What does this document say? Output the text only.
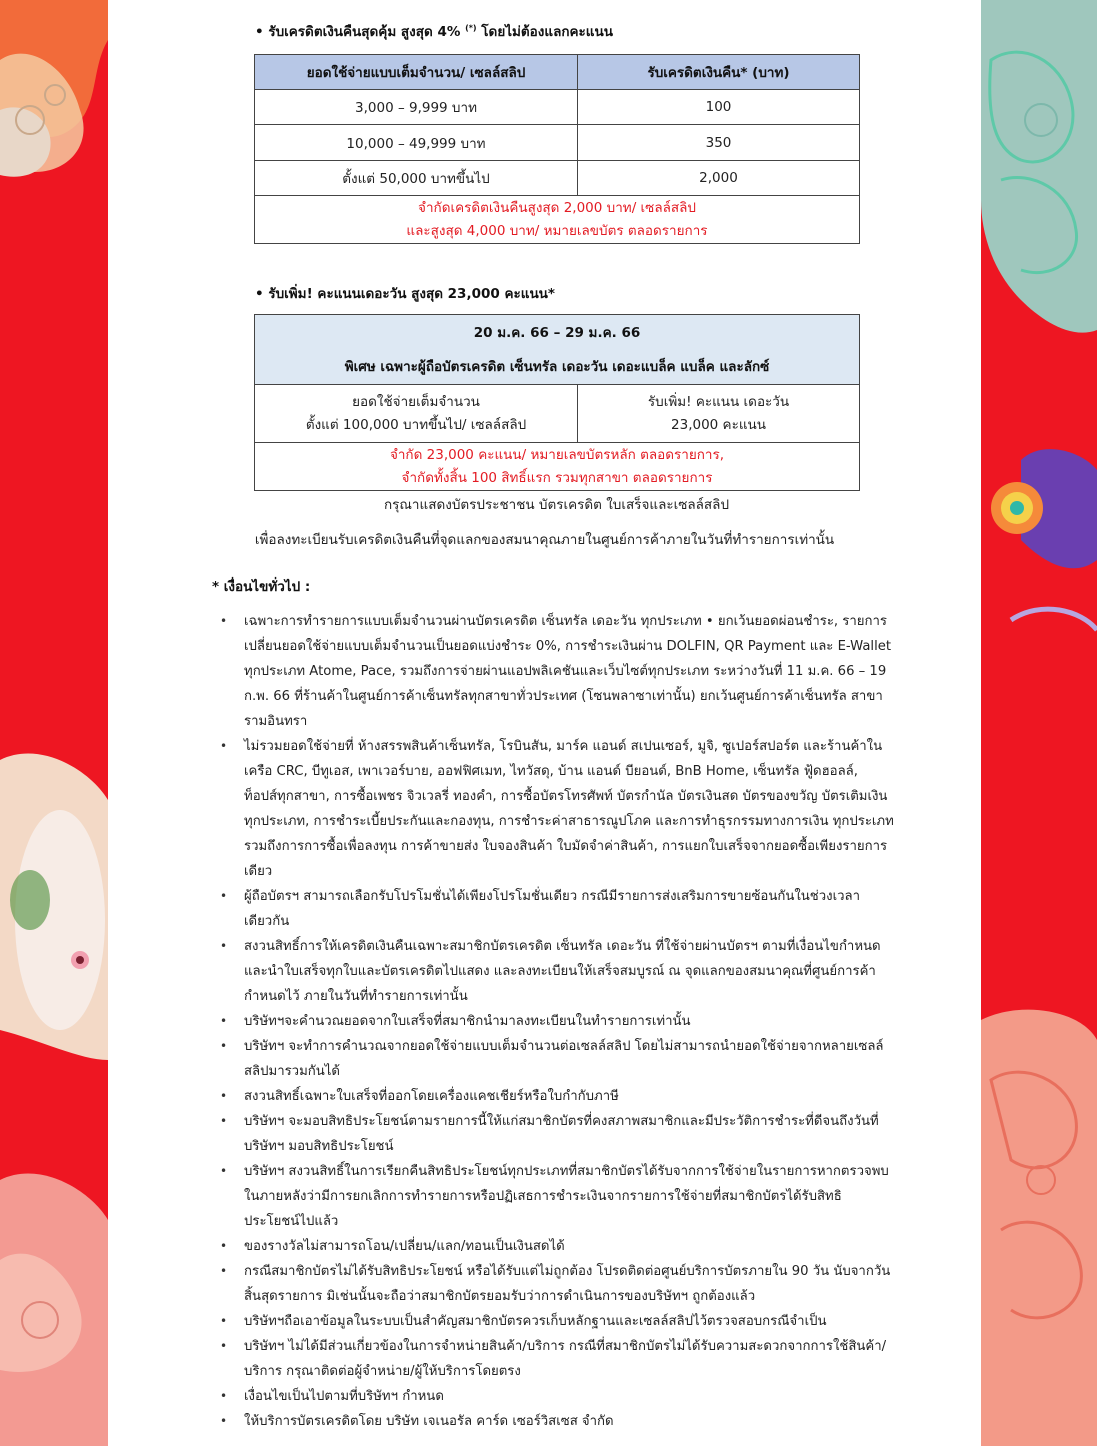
• รับเครดิตเงินคืนสุดคุ้ม สูงสุด 4% (*) โดยไม่ต้องแลกคะแนน
ยอดใช้จ่ายแบบเต็มจำนวน/ เซลล์สลิป	รับเครดิตเงินคืน* (บาท)
3,000 – 9,999 บาท	100
10,000 – 49,999 บาท	350
ตั้งแต่ 50,000 บาทขึ้นไป	2,000

จำกัดเครดิตเงินคืนสูงสุด 2,000 บาท/ เซลล์สลิป
และสูงสุด 4,000 บาท/ หมายเลขบัตร ตลอดรายการ	
• รับเพิ่ม! คะแนนเดอะวัน สูงสุด 23,000 คะแนน*
20 ม.ค. 66 – 29 ม.ค. 66
พิเศษ เฉพาะผู้ถือบัตรเครดิต เซ็นทรัล เดอะวัน เดอะแบล็ค แบล็ค และลักซ์

ยอดใช้จ่ายเต็มจำนวน
ตั้งแต่ 100,000 บาทขึ้นไป/ เซลล์สลิป

รับเพิ่ม! คะแนน เดอะวัน
23,000 คะแนน

จำกัด 23,000 คะแนน/ หมายเลขบัตรหลัก ตลอดรายการ,
จำกัดทั้งสิ้น 100 สิทธิ์แรก รวมทุกสาขา ตลอดรายการ
กรุณาแสดงบัตรประชาชน บัตรเครดิต ใบเสร็จและเซลล์สลิป
เพื่อลงทะเบียนรับเครดิตเงินคืนที่จุดแลกของสมนาคุณภายในศูนย์การค้าภายในวันที่ทำรายการเท่านั้น
* เงื่อนไขทั่วไป :
• เฉพาะการทำรายการแบบเต็มจำนวนผ่านบัตรเครดิต เซ็นทรัล เดอะวัน ทุกประเภท • ยกเว้นยอดผ่อนชำระ, รายการเปลี่ยนยอดใช้จ่ายแบบเต็มจำนวนเป็นยอดแบ่งชำระ 0%, การชำระเงินผ่าน DOLFIN, QR Payment และ E-Wallet ทุกประเภท Atome, Pace, รวมถึงการจ่ายผ่านแอปพลิเคชันและเว็บไซต์ทุกประเภท ระหว่างวันที่ 11 ม.ค. 66 – 19 ก.พ. 66 ที่ร้านค้าในศูนย์การค้าเซ็นทรัลทุกสาขาทั่วประเทศ (โซนพลาซาเท่านั้น) ยกเว้นศูนย์การค้าเซ็นทรัล สาขารามอินทรา
• ไม่รวมยอดใช้จ่ายที่ ห้างสรรพสินค้าเซ็นทรัล, โรบินสัน, มาร์ค แอนด์ สเปนเซอร์, มูจิ, ซูเปอร์สปอร์ต และร้านค้าในเครือ CRC, บีทูเอส, เพาเวอร์บาย, ออฟฟิศเมท, ไทวัสดุ, บ้าน แอนด์ บียอนด์, BnB Home, เซ็นทรัล ฟู้ดฮอลล์, ท็อปส์ทุกสาขา, การซื้อเพชร จิวเวลรี่ ทองคำ, การซื้อบัตรโทรศัพท์ บัตรกำนัล บัตรเงินสด บัตรของขวัญ บัตรเติมเงินทุกประเภท, การชำระเบี้ยประกันและกองทุน, การชำระค่าสาธารณูปโภค และการทำธุรกรรมทางการเงิน ทุกประเภท รวมถึงการการซื้อเพื่อลงทุน การค้าขายส่ง ใบจองสินค้า ใบมัดจำค่าสินค้า, การแยกใบเสร็จจากยอดซื้อเพียงรายการเดียว
• ผู้ถือบัตรฯ สามารถเลือกรับโปรโมชั่นได้เพียงโปรโมชั่นเดียว กรณีมีรายการส่งเสริมการขายซ้อนกันในช่วงเวลาเดียวกัน
• สงวนสิทธิ์การให้เครดิตเงินคืนเฉพาะสมาชิกบัตรเครดิต เซ็นทรัล เดอะวัน ที่ใช้จ่ายผ่านบัตรฯ ตามที่เงื่อนไขกำหนดและนำใบเสร็จทุกใบและบัตรเครดิตไปแสดง และลงทะเบียนให้เสร็จสมบูรณ์ ณ จุดแลกของสมนาคุณที่ศูนย์การค้ากำหนดไว้ ภายในวันที่ทำรายการเท่านั้น
• บริษัทฯจะคำนวณยอดจากใบเสร็จที่สมาชิกนำมาลงทะเบียนในทำรายการเท่านั้น
• บริษัทฯ จะทำการคำนวณจากยอดใช้จ่ายแบบเต็มจำนวนต่อเซลล์สลิป โดยไม่สามารถนำยอดใช้จ่ายจากหลายเซลล์สลิปมารวมกันได้
• สงวนสิทธิ์เฉพาะใบเสร็จที่ออกโดยเครื่องแคชเชียร์หรือใบกำกับภาษี
• บริษัทฯ จะมอบสิทธิประโยชน์ตามรายการนี้ให้แก่สมาชิกบัตรที่คงสภาพสมาชิกและมีประวัติการชำระที่ดีจนถึงวันที่บริษัทฯ มอบสิทธิประโยชน์
• บริษัทฯ สงวนสิทธิ์ในการเรียกคืนสิทธิประโยชน์ทุกประเภทที่สมาชิกบัตรได้รับจากการใช้จ่ายในรายการหากตรวจพบในภายหลังว่ามีการยกเลิกการทำรายการหรือปฏิเสธการชำระเงินจากรายการใช้จ่ายที่สมาชิกบัตรได้รับสิทธิประโยชน์ไปแล้ว
• ของรางวัลไม่สามารถโอน/เปลี่ยน/แลก/ทอนเป็นเงินสดได้
• กรณีสมาชิกบัตรไม่ได้รับสิทธิประโยชน์ หรือได้รับแต่ไม่ถูกต้อง โปรดติดต่อศูนย์บริการบัตรภายใน 90 วัน นับจากวันสิ้นสุดรายการ มิเช่นนั้นจะถือว่าสมาชิกบัตรยอมรับว่าการดำเนินการของบริษัทฯ ถูกต้องแล้ว
• บริษัทฯถือเอาข้อมูลในระบบเป็นสำคัญสมาชิกบัตรควรเก็บหลักฐานและเซลล์สลิปไว้ตรวจสอบกรณีจำเป็น
• บริษัทฯ ไม่ได้มีส่วนเกี่ยวข้องในการจำหน่ายสินค้า/บริการ กรณีที่สมาชิกบัตรไม่ได้รับความสะดวกจากการใช้สินค้า/บริการ กรุณาติดต่อผู้จำหน่าย/ผู้ให้บริการโดยตรง
• เงื่อนไขเป็นไปตามที่บริษัทฯ กำหนด
• ให้บริการบัตรเครดิตโดย บริษัท เจเนอรัล คาร์ด เซอร์วิสเซส จำกัด
